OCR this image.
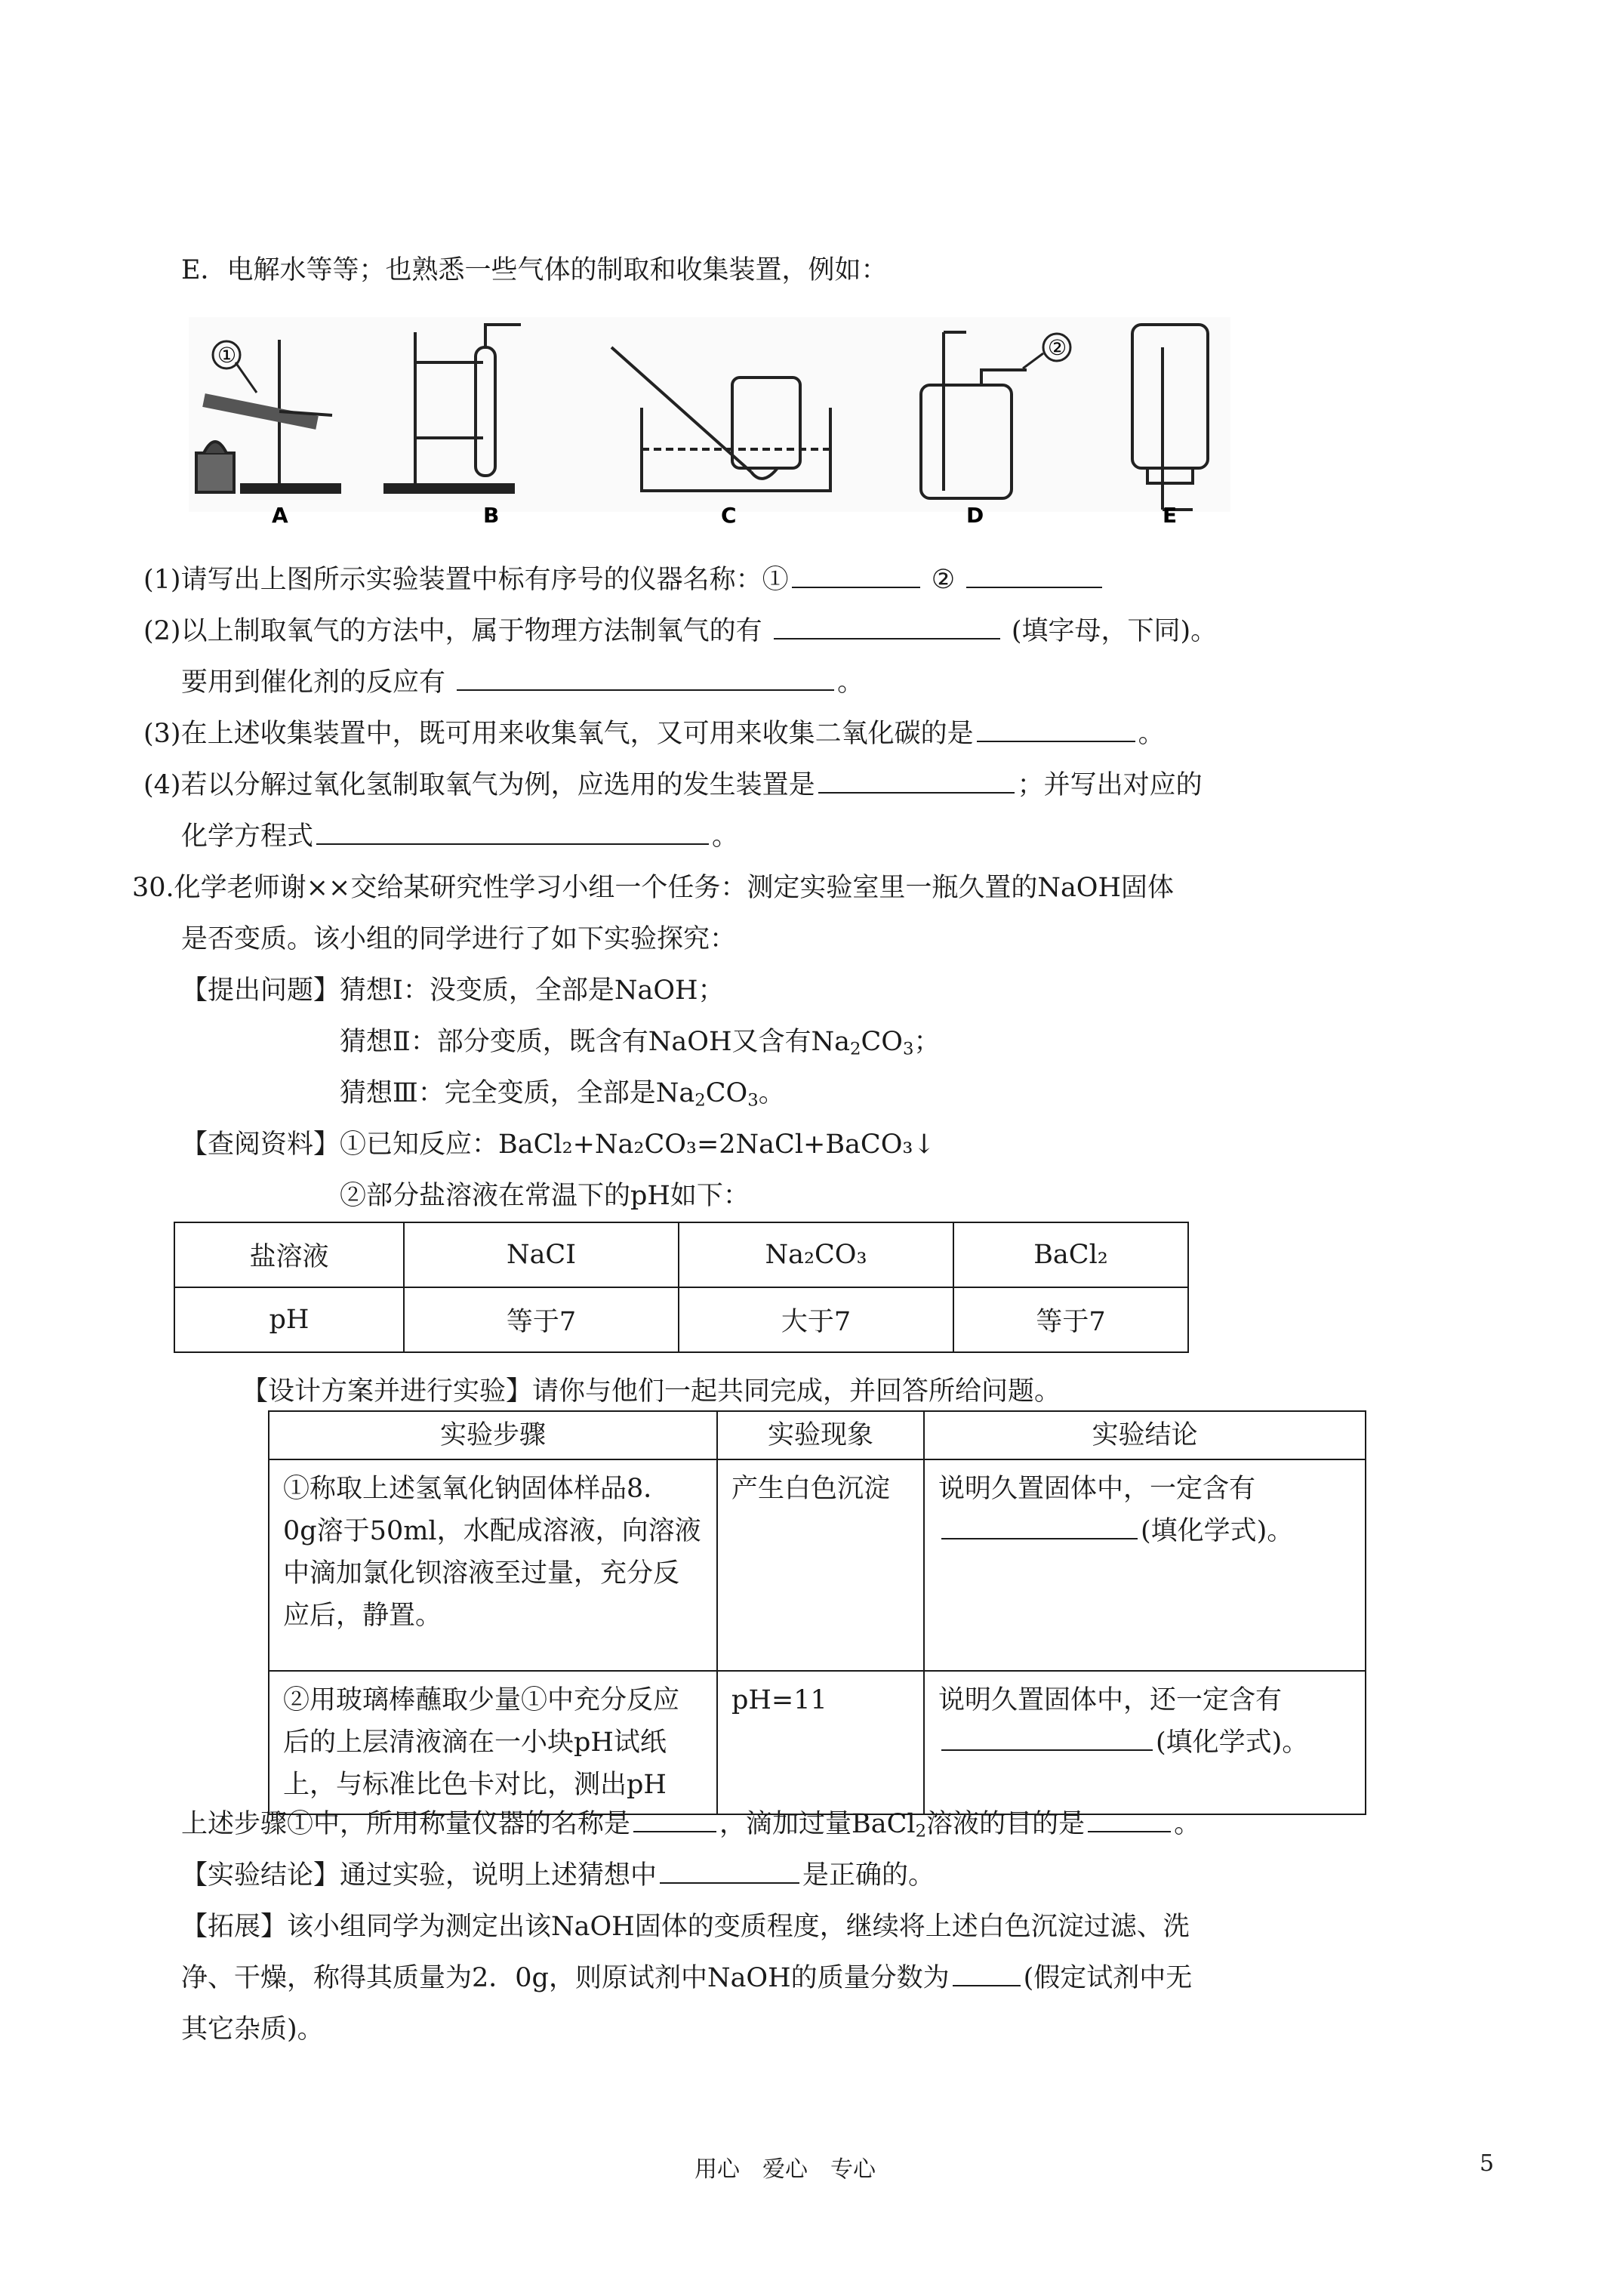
E．电解水等等；也熟悉一些气体的制取和收集装置，例如：
A	B	C	D	E
①	②
(1)请写出上图所示实验装置中标有序号的仪器名称：①	②
(2)以上制取氧气的方法中，属于物理方法制氧气的有	(填字母，下同)。
要用到催化剂的反应有	。
(3)在上述收集装置中，既可用来收集氧气，又可用来收集二氧化碳的是	。
(4)若以分解过氧化氢制取氧气为例，应选用的发生装置是	；并写出对应的
化学方程式	。
30.化学老师谢××交给某研究性学习小组一个任务：测定实验室里一瓶久置的NaOH固体
是否变质。该小组的同学进行了如下实验探究：
【提出问题】猜想Ⅰ：没变质，全部是NaOH；
猜想Ⅱ：部分变质，既含有NaOH又含有$Na_2CO_3$；
猜想Ⅲ：完全变质，全部是$Na_2CO_3$。
【查阅资料】①已知反应：BaCl₂+Na₂CO₃=2NaCl+BaCO₃↓
②部分盐溶液在常温下的pH如下：
盐溶液	NaCI	Na₂CO₃	BaCl₂
pH	等于7	大于7	等于7
【设计方案并进行实验】请你与他们一起共同完成，并回答所给问题。
实验步骤	实验现象	实验结论
①称取上述氢氧化钠固体样品8．0g溶于50ml，水配成溶液，向溶液中滴加氯化钡溶液至过量，充分反应后，静置。	产生白色沉淀	说明久置固体中，一定含有
(填化学式)。
②用玻璃棒蘸取少量①中充分反应后的上层清液滴在一小块pH试纸上，与标准比色卡对比，测出pH	pH=11	说明久置固体中，还一定含有
(填化学式)。
上述步骤①中，所用称量仪器的名称是	，滴加过量BaCl$_2$溶液的目的是	。
【实验结论】通过实验，说明上述猜想中	是正确的。
【拓展】该小组同学为测定出该NaOH固体的变质程度，继续将上述白色沉淀过滤、洗
净、干燥，称得其质量为2．0g，则原试剂中NaOH的质量分数为	(假定试剂中无
其它杂质)。
用心　爱心　专心	5
